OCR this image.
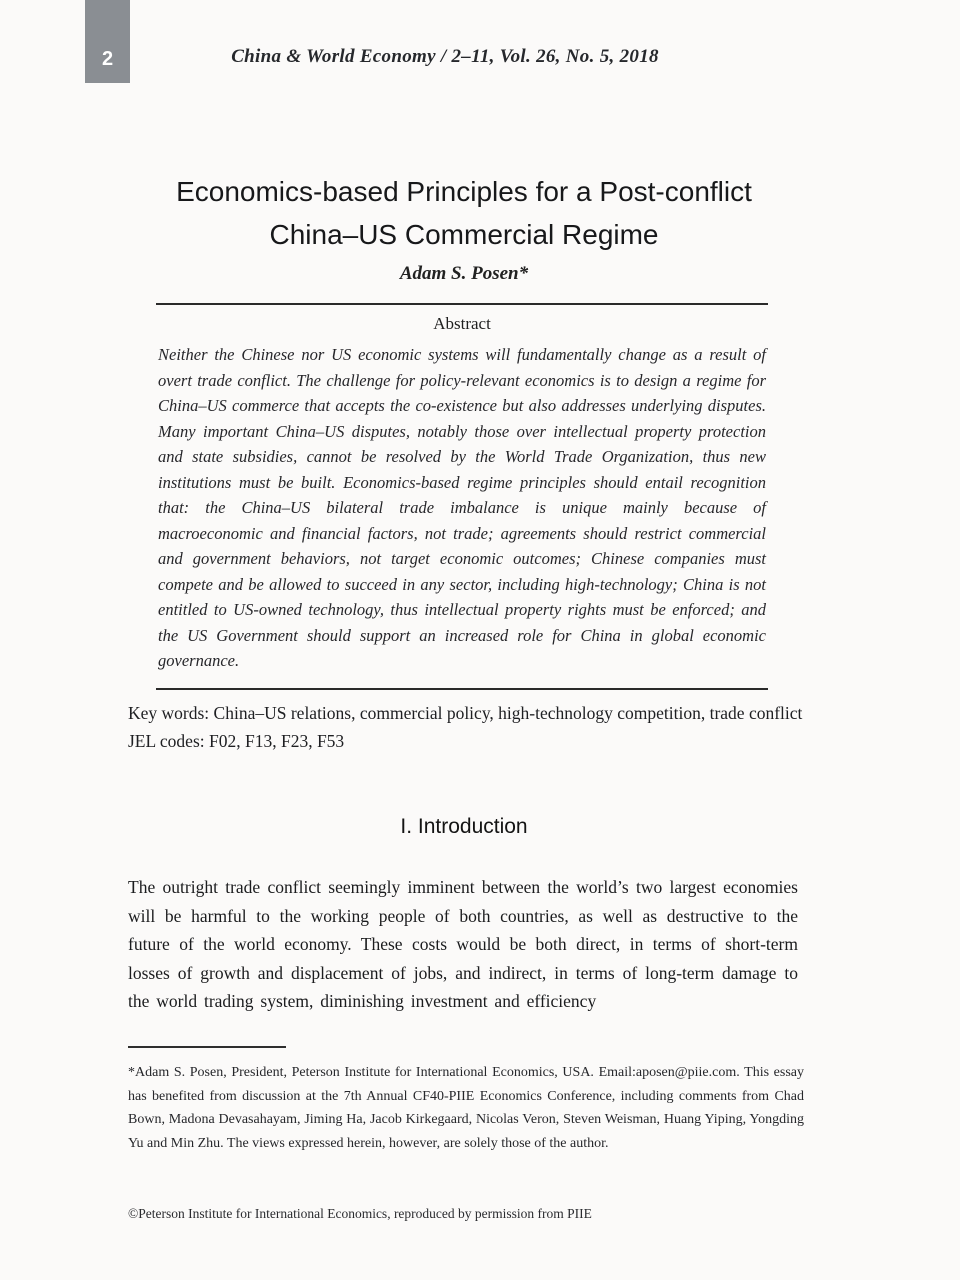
2	China & World Economy / 2–11, Vol. 26, No. 5, 2018
Economics-based Principles for a Post-conflict
China–US Commercial Regime
Adam S. Posen*
Abstract
Neither the Chinese nor US economic systems will fundamentally change as a result of overt trade conflict. The challenge for policy-relevant economics is to design a regime for China–US commerce that accepts the co-existence but also addresses underlying disputes. Many important China–US disputes, notably those over intellectual property protection and state subsidies, cannot be resolved by the World Trade Organization, thus new institutions must be built. Economics-based regime principles should entail recognition that: the China–US bilateral trade imbalance is unique mainly because of macroeconomic and financial factors, not trade; agreements should restrict commercial and government behaviors, not target economic outcomes; Chinese companies must compete and be allowed to succeed in any sector, including high-technology; China is not entitled to US-owned technology, thus intellectual property rights must be enforced; and the US Government should support an increased role for China in global economic governance.

Key words: China–US relations, commercial policy, high-technology competition, trade conflict

JEL codes: F02, F13, F23, F53

I. Introduction
The outright trade conflict seemingly imminent between the world’s two largest economies will be harmful to the working people of both countries, as well as destructive to the future of the world economy. These costs would be both direct, in terms of short-term losses of growth and displacement of jobs, and indirect, in terms of long-term damage to the world trading system, diminishing investment and efficiency
*Adam S. Posen, President, Peterson Institute for International Economics, USA. Email:aposen@piie.com. This essay has benefited from discussion at the 7th Annual CF40-PIIE Economics Conference, including comments from Chad Bown, Madona Devasahayam, Jiming Ha, Jacob Kirkegaard, Nicolas Veron, Steven Weisman, Huang Yiping, Yongding Yu and Min Zhu. The views expressed herein, however, are solely those of the author.
©Peterson Institute for International Economics, reproduced by permission from PIIE
